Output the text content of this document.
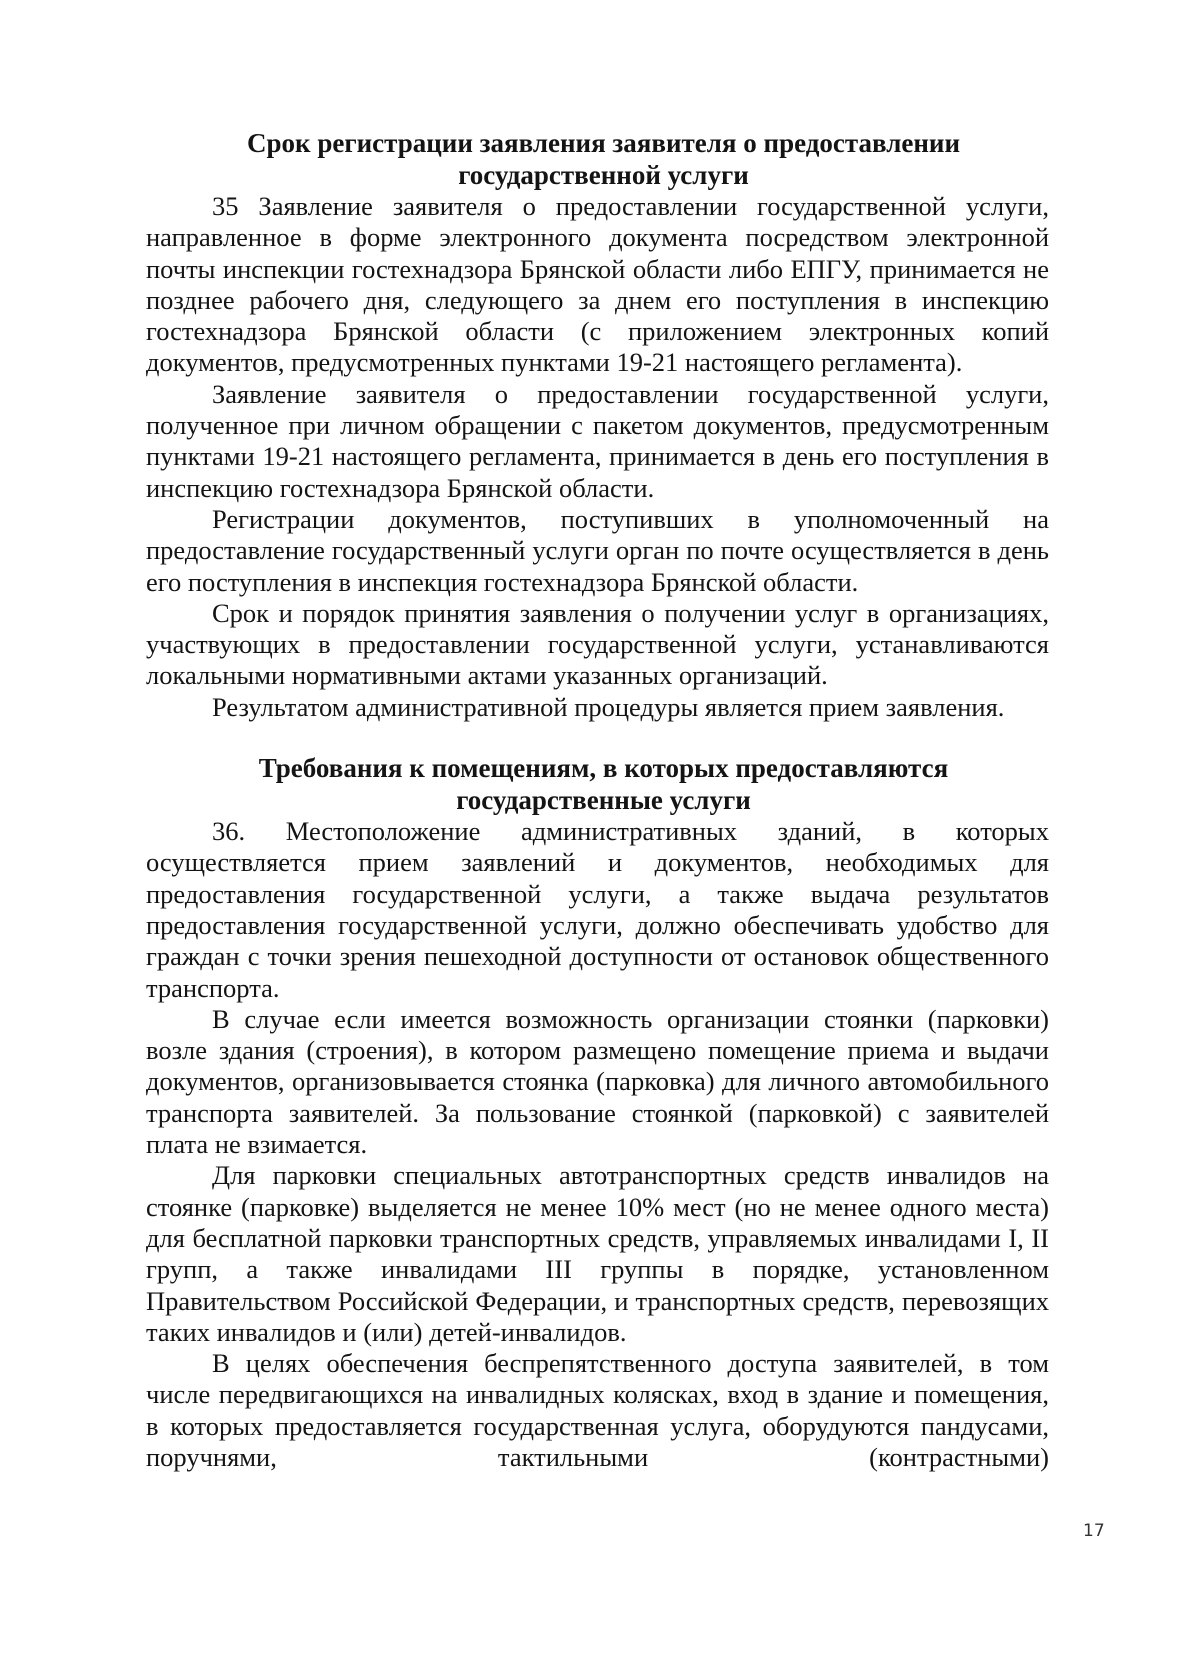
Срок регистрации заявления заявителя о предоставлении
государственной услуги

35 Заявление заявителя о предоставлении государственной услуги, направленное в форме электронного документа посредством электронной почты инспекции гостехнадзора Брянской области либо ЕПГУ, принимается не позднее рабочего дня, следующего за днем его поступления в инспекцию гостехнадзора Брянской области (с приложением электронных копий документов, предусмотренных пунктами 19-21 настоящего регламента).

Заявление заявителя о предоставлении государственной услуги, полученное при личном обращении с пакетом документов, предусмотренным пунктами 19-21 настоящего регламента, принимается в день его поступления в инспекцию гостехнадзора Брянской области.

Регистрации документов, поступивших в уполномоченный на предоставление государственный услуги орган по почте осуществляется в день его поступления в инспекция гостехнадзора Брянской области.

Срок и порядок принятия заявления о получении услуг в организациях, участвующих в предоставлении государственной услуги, устанавливаются локальными нормативными актами указанных организаций.

Результатом административной процедуры является прием заявления.

Требования к помещениям, в которых предоставляются
государственные услуги

36. Местоположение административных зданий, в которых осуществляется прием заявлений и документов, необходимых для предоставления государственной услуги, а также выдача результатов предоставления государственной услуги, должно обеспечивать удобство для граждан с точки зрения пешеходной доступности от остановок общественного транспорта.

В случае если имеется возможность организации стоянки (парковки) возле здания (строения), в котором размещено помещение приема и выдачи документов, организовывается стоянка (парковка) для личного автомобильного транспорта заявителей. За пользование стоянкой (парковкой) с заявителей плата не взимается.

Для парковки специальных автотранспортных средств инвалидов на стоянке (парковке) выделяется не менее 10% мест (но не менее одного места) для бесплатной парковки транспортных средств, управляемых инвалидами I, II групп, а также инвалидами III группы в порядке, установленном Правительством Российской Федерации, и транспортных средств, перевозящих таких инвалидов и (или) детей-инвалидов.

В целях обеспечения беспрепятственного доступа заявителей, в том числе передвигающихся на инвалидных колясках, вход в здание и помещения, в которых предоставляется государственная услуга, оборудуются пандусами, поручнями, тактильными (контрастными)

17
